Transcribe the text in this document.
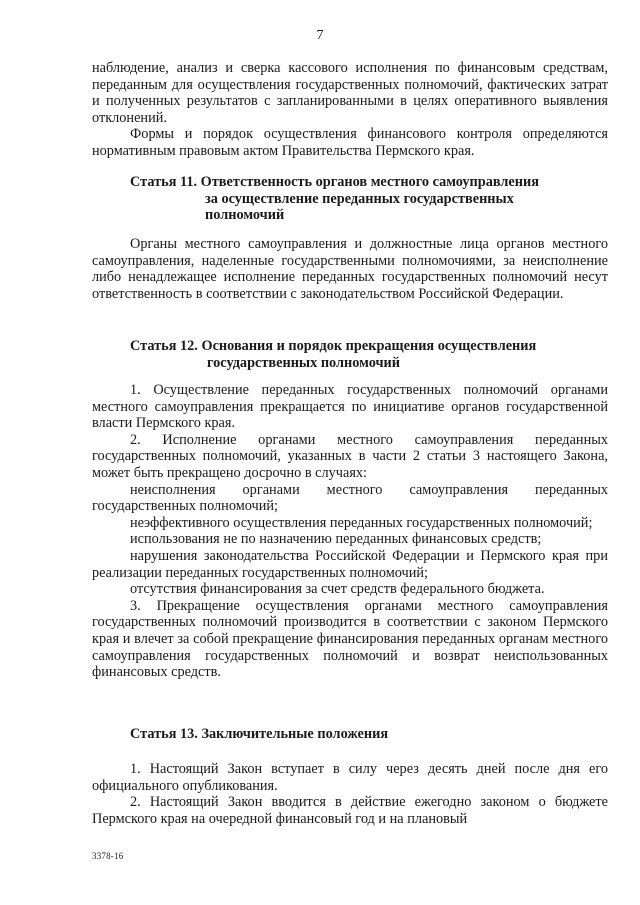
7

наблюдение, анализ и сверка кассового исполнения по финансовым средствам, переданным для осуществления государственных полномочий, фактических затрат и полученных результатов с запланированными в целях оперативного выявления отклонений.

Формы и порядок осуществления финансового контроля определяются нормативным правовым актом Правительства Пермского края.

Статья 11. Ответственность органов местного самоуправления
за осуществление переданных государственных
полномочий

Органы местного самоуправления и должностные лица органов местного самоуправления, наделенные государственными полномочиями, за неисполнение либо ненадлежащее исполнение переданных государственных полномочий несут ответственность в соответствии с законодательством Российской Федерации.

Статья 12. Основания и порядок прекращения осуществления
государственных полномочий

1. Осуществление переданных государственных полномочий органами местного самоуправления прекращается по инициативе органов государственной власти Пермского края.

2. Исполнение органами местного самоуправления переданных государственных полномочий, указанных в части 2 статьи 3 настоящего Закона, может быть прекращено досрочно в случаях:

неисполнения органами местного самоуправления переданных государственных полномочий;

неэффективного осуществления переданных государственных полномочий;

использования не по назначению переданных финансовых средств;

нарушения законодательства Российской Федерации и Пермского края при реализации переданных государственных полномочий;

отсутствия финансирования за счет средств федерального бюджета.

3. Прекращение осуществления органами местного самоуправления государственных полномочий производится в соответствии с законом Пермского края и влечет за собой прекращение финансирования переданных органам местного самоуправления государственных полномочий и возврат неиспользованных финансовых средств.

Статья 13. Заключительные положения

1. Настоящий Закон вступает в силу через десять дней после дня его официального опубликования.

2. Настоящий Закон вводится в действие ежегодно законом о бюджете Пермского края на очередной финансовый год и на плановый

3378-16
